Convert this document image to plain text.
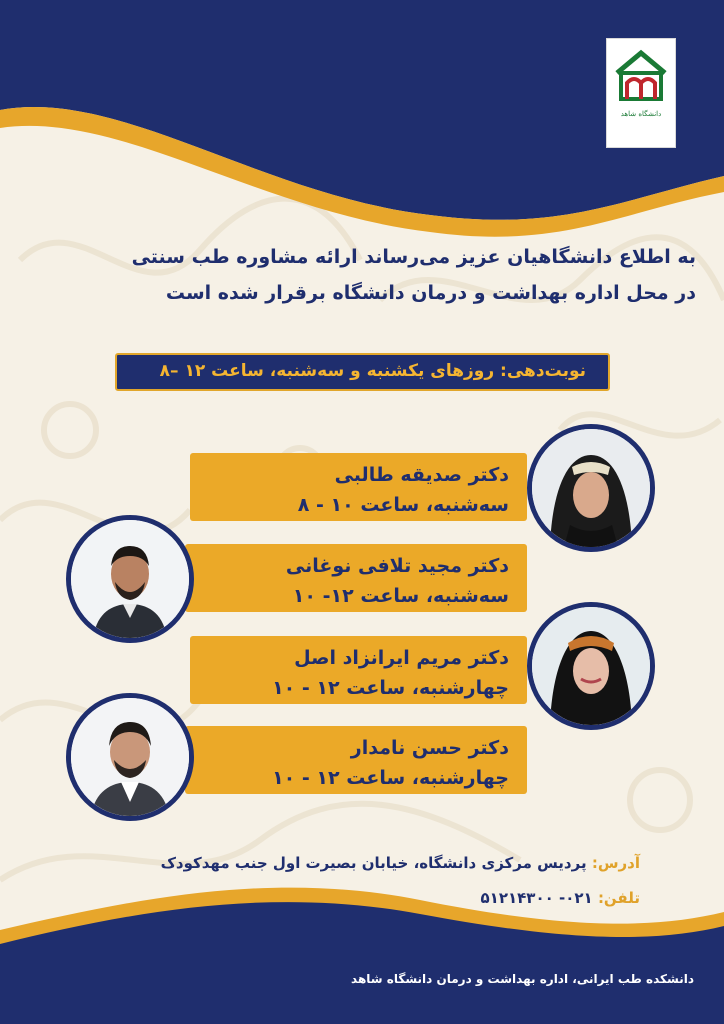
دانشگاه شاهد
به اطلاع دانشگاهیان عزیز می‌رساند ارائه مشاوره طب سنتی
در محل اداره بهداشت و درمان دانشگاه برقرار شده است
نوبت‌دهی: روزهای یکشنبه و سه‌شنبه، ساعت ۱۲ –۸
دکتر صدیقه طالبی
سه‌شنبه، ساعت ۱۰ - ۸
دکتر مجید تلافی نوغانی
سه‌شنبه، ساعت ۱۲- ۱۰
دکتر مریم ایرانزاد اصل
چهارشنبه، ساعت ۱۲ - ۱۰
دکتر حسن نامدار
چهارشنبه، ساعت ۱۲ - ۱۰
آدرس: پردیس مرکزی دانشگاه، خیابان بصیرت اول جنب مهدکودک
تلفن: ۰۲۱- ۵۱۲۱۴۳۰۰
دانشکده طب ایرانی، اداره بهداشت و درمان دانشگاه شاهد
